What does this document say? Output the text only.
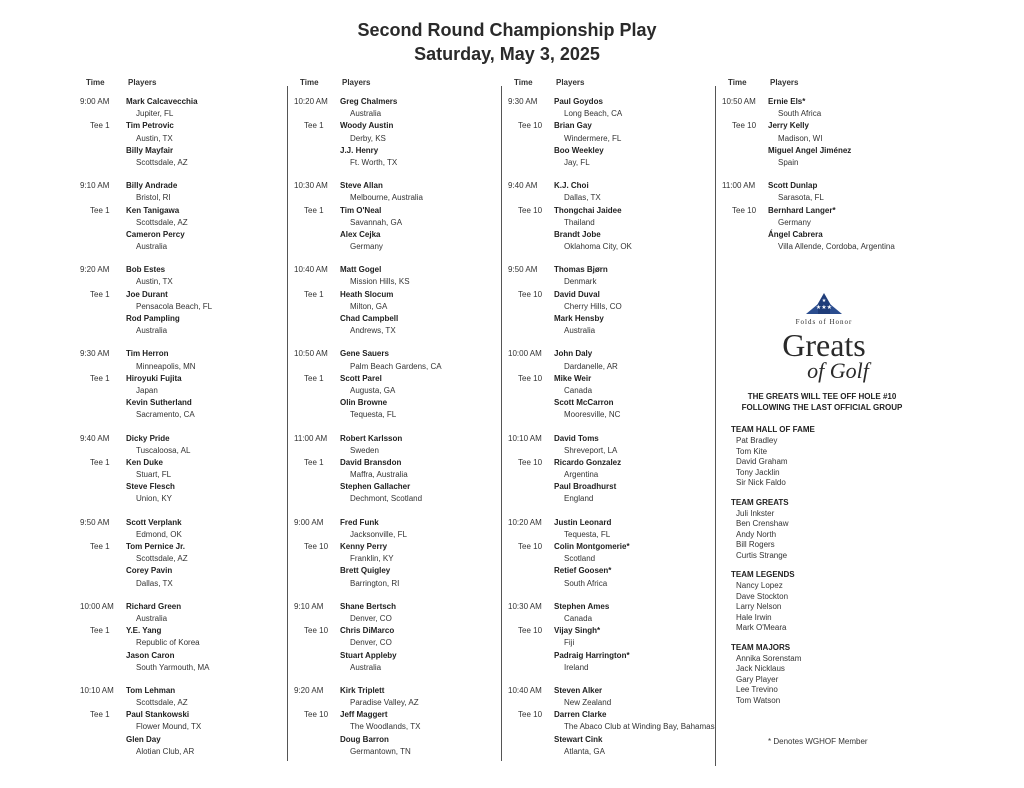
Second Round Championship Play
Saturday, May 3, 2025
Time	Players
9:00 AM	Mark Calcavecchia
Jupiter, FL
Tee 1	Tim Petrovic
Austin, TX
Billy Mayfair
Scottsdale, AZ
9:10 AM	Billy Andrade
Bristol, RI
Tee 1	Ken Tanigawa
Scottsdale, AZ
Cameron Percy
Australia
9:20 AM	Bob Estes
Austin, TX
Tee 1	Joe Durant
Pensacola Beach, FL
Rod Pampling
Australia
9:30 AM	Tim Herron
Minneapolis, MN
Tee 1	Hiroyuki Fujita
Japan
Kevin Sutherland
Sacramento, CA
9:40 AM	Dicky Pride
Tuscaloosa, AL
Tee 1	Ken Duke
Stuart, FL
Steve Flesch
Union, KY
9:50 AM	Scott Verplank
Edmond, OK
Tee 1	Tom Pernice Jr.
Scottsdale, AZ
Corey Pavin
Dallas, TX
10:00 AM	Richard Green
Australia
Tee 1	Y.E. Yang
Republic of Korea
Jason Caron
South Yarmouth, MA
10:10 AM	Tom Lehman
Scottsdale, AZ
Tee 1	Paul Stankowski
Flower Mound, TX
Glen Day
Alotian Club, AR
Time	Players
10:20 AM	Greg Chalmers
Australia
Tee 1	Woody Austin
Derby, KS
J.J. Henry
Ft. Worth, TX
10:30 AM	Steve Allan
Melbourne, Australia
Tee 1	Tim O'Neal
Savannah, GA
Alex Cejka
Germany
10:40 AM	Matt Gogel
Mission Hills, KS
Tee 1	Heath Slocum
Milton, GA
Chad Campbell
Andrews, TX
10:50 AM	Gene Sauers
Palm Beach Gardens, CA
Tee 1	Scott Parel
Augusta, GA
Olin Browne
Tequesta, FL
11:00 AM	Robert Karlsson
Sweden
Tee 1	David Bransdon
Maffra, Australia
Stephen Gallacher
Dechmont, Scotland
9:00 AM	Fred Funk
Jacksonville, FL
Tee 10	Kenny Perry
Franklin, KY
Brett Quigley
Barrington, RI
9:10 AM	Shane Bertsch
Denver, CO
Tee 10	Chris DiMarco
Denver, CO
Stuart Appleby
Australia
9:20 AM	Kirk Triplett
Paradise Valley, AZ
Tee 10	Jeff Maggert
The Woodlands, TX
Doug Barron
Germantown, TN
Time	Players
9:30 AM	Paul Goydos
Long Beach, CA
Tee 10	Brian Gay
Windermere, FL
Boo Weekley
Jay, FL
9:40 AM	K.J. Choi
Dallas, TX
Tee 10	Thongchai Jaidee
Thailand
Brandt Jobe
Oklahoma City, OK
9:50 AM	Thomas Bjørn
Denmark
Tee 10	David Duval
Cherry Hills, CO
Mark Hensby
Australia
10:00 AM	John Daly
Dardanelle, AR
Tee 10	Mike Weir
Canada
Scott McCarron
Mooresville, NC
10:10 AM	David Toms
Shreveport, LA
Tee 10	Ricardo Gonzalez
Argentina
Paul Broadhurst
England
10:20 AM	Justin Leonard
Tequesta, FL
Tee 10	Colin Montgomerie*
Scotland
Retief Goosen*
South Africa
10:30 AM	Stephen Ames
Canada
Tee 10	Vijay Singh*
Fiji
Padraig Harrington*
Ireland
10:40 AM	Steven Alker
New Zealand
Tee 10	Darren Clarke
The Abaco Club at Winding Bay, Bahamas
Stewart Cink
Atlanta, GA
Time	Players
10:50 AM	Ernie Els*
South Africa
Tee 10	Jerry Kelly
Madison, WI
Miguel Angel Jiménez
Spain
11:00 AM	Scott Dunlap
Sarasota, FL
Tee 10	Bernhard Langer*
Germany
Ángel Cabrera
Villa Allende, Cordoba, Argentina
★★★
★
Folds of Honor
Greats
of Golf
THE GREATS WILL TEE OFF HOLE #10
FOLLOWING THE LAST OFFICIAL GROUP
TEAM HALL OF FAME
Pat Bradley
Tom Kite
David Graham
Tony Jacklin
Sir Nick Faldo
TEAM GREATS
Juli Inkster
Ben Crenshaw
Andy North
Bill Rogers
Curtis Strange
TEAM LEGENDS
Nancy Lopez
Dave Stockton
Larry Nelson
Hale Irwin
Mark O'Meara
TEAM MAJORS
Annika Sorenstam
Jack Nicklaus
Gary Player
Lee Trevino
Tom Watson
* Denotes WGHOF Member
